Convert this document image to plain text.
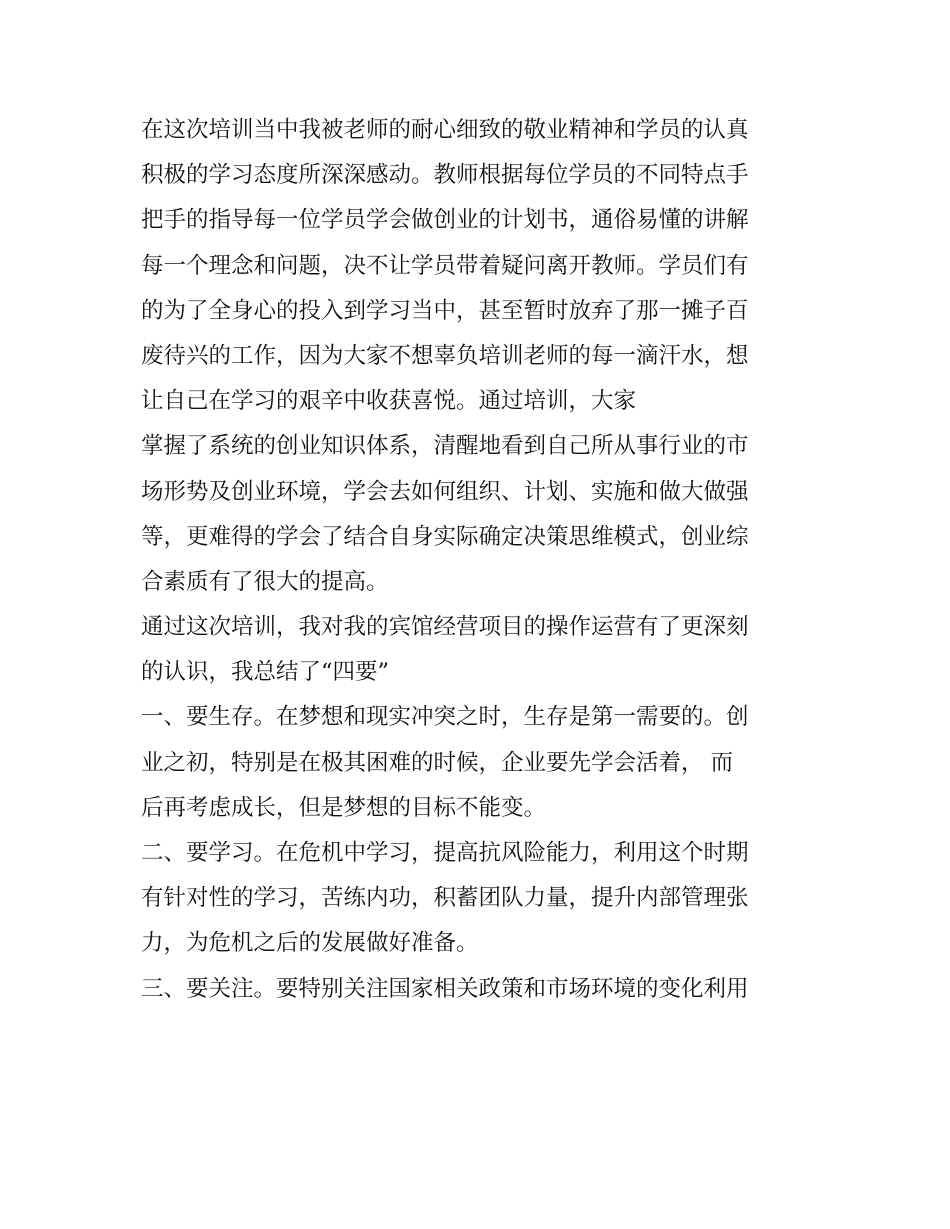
在这次培训当中我被老师的耐心细致的敬业精神和学员的认真
积极的学习态度所深深感动。教师根据每位学员的不同特点手
把手的指导每一位学员学会做创业的计划书，通俗易懂的讲解
每一个理念和问题，决不让学员带着疑问离开教师。学员们有
的为了全身心的投入到学习当中，甚至暂时放弃了那一摊子百
废待兴的工作，因为大家不想辜负培训老师的每一滴汗水，想
让自己在学习的艰辛中收获喜悦。通过培训，大家
掌握了系统的创业知识体系，清醒地看到自己所从事行业的市
场形势及创业环境，学会去如何组织、计划、实施和做大做强
等，更难得的学会了结合自身实际确定决策思维模式，创业综
合素质有了很大的提高。
通过这次培训，我对我的宾馆经营项目的操作运营有了更深刻
的认识，我总结了“四要”
一、要生存。在梦想和现实冲突之时，生存是第一需要的。创
业之初，特别是在极其困难的时候，企业要先学会活着， 而
后再考虑成长，但是梦想的目标不能变。
二、要学习。在危机中学习，提高抗风险能力，利用这个时期
有针对性的学习，苦练内功，积蓄团队力量，提升内部管理张
力，为危机之后的发展做好准备。
三、要关注。要特别关注国家相关政策和市场环境的变化利用
